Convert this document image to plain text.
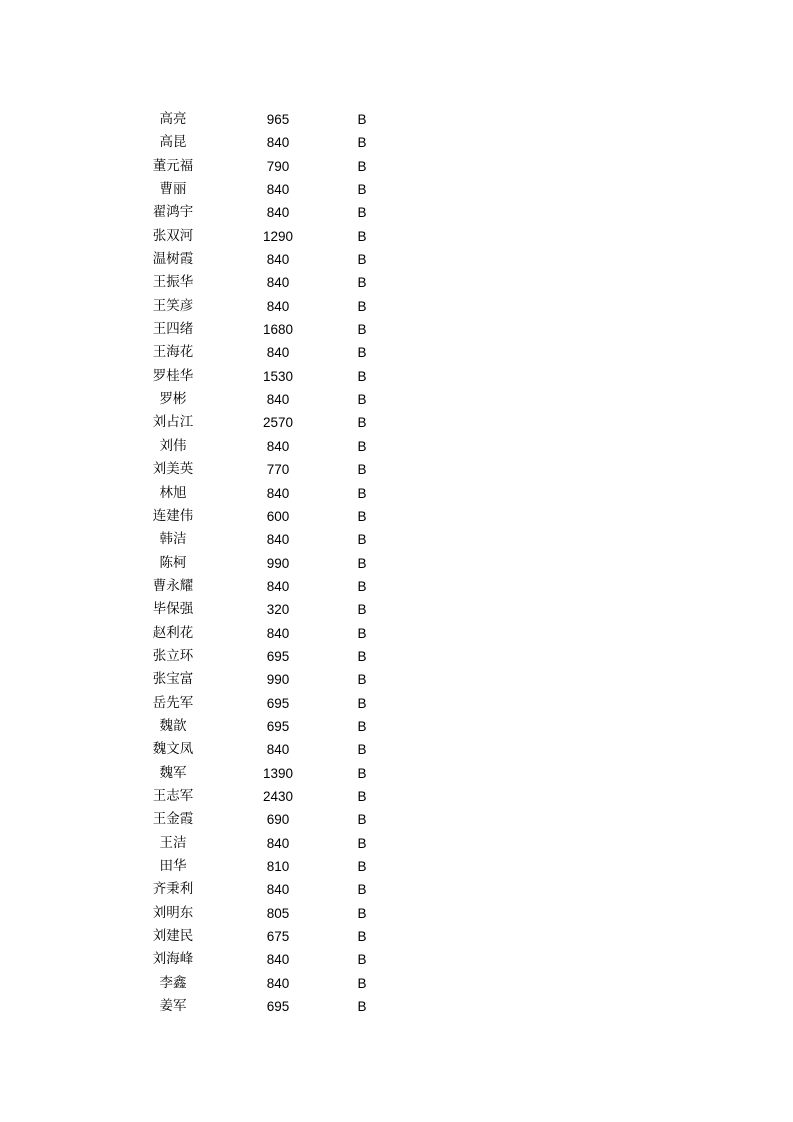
高亮	965	B
高昆	840	B
董元福	790	B
曹丽	840	B
翟鸿宇	840	B
张双河	1290	B
温树霞	840	B
王振华	840	B
王笑彦	840	B
王四绪	1680	B
王海花	840	B
罗桂华	1530	B
罗彬	840	B
刘占江	2570	B
刘伟	840	B
刘美英	770	B
林旭	840	B
连建伟	600	B
韩洁	840	B
陈柯	990	B
曹永耀	840	B
毕保强	320	B
赵利花	840	B
张立环	695	B
张宝富	990	B
岳先军	695	B
魏歆	695	B
魏文凤	840	B
魏军	1390	B
王志军	2430	B
王金霞	690	B
王洁	840	B
田华	810	B
齐秉利	840	B
刘明东	805	B
刘建民	675	B
刘海峰	840	B
李鑫	840	B
姜军	695	B
